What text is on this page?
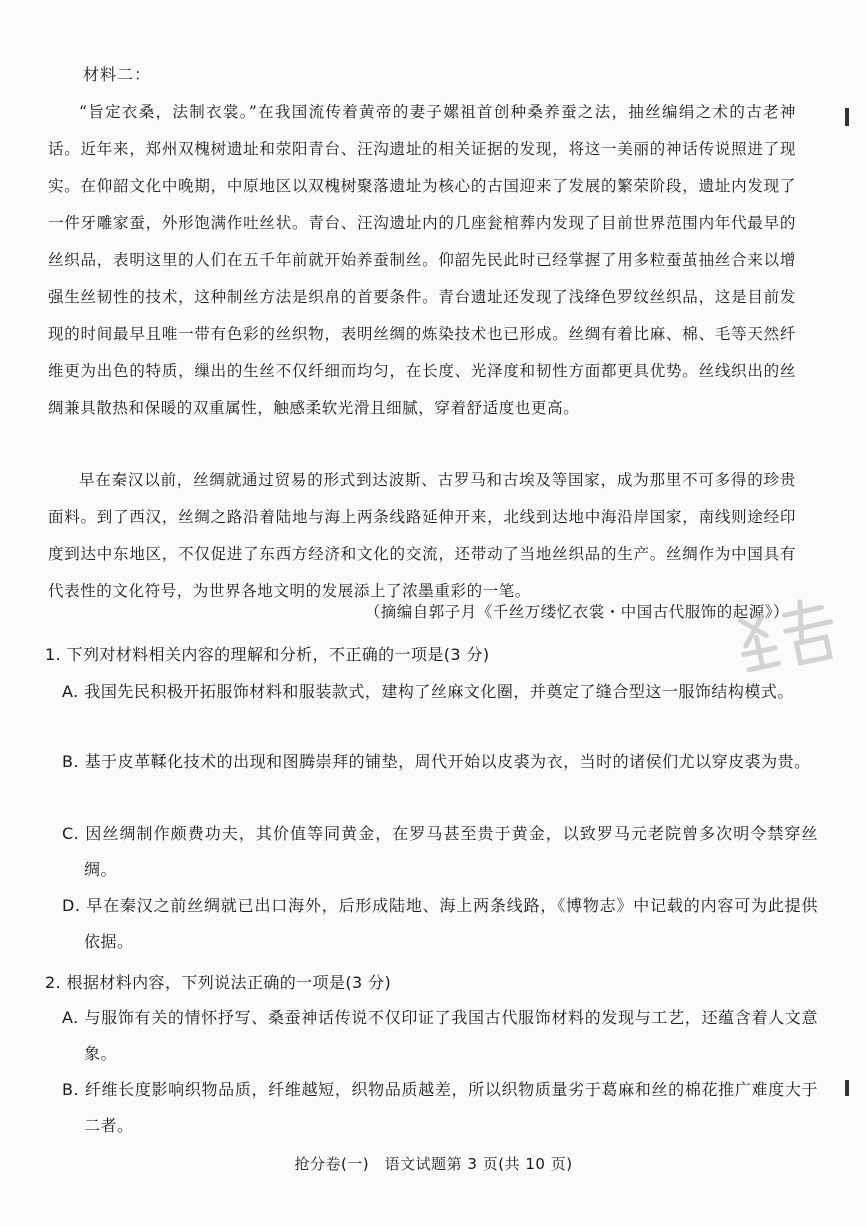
材料二：

“旨定衣桑，法制衣裳。”在我国流传着黄帝的妻子嫘祖首创种桑养蚕之法，抽丝编绢之术的古老神话。近年来，郑州双槐树遗址和荥阳青台、汪沟遗址的相关证据的发现，将这一美丽的神话传说照进了现实。在仰韶文化中晚期，中原地区以双槐树聚落遗址为核心的古国迎来了发展的繁荣阶段，遗址内发现了一件牙雕家蚕，外形饱满作吐丝状。青台、汪沟遗址内的几座瓮棺葬内发现了目前世界范围内年代最早的丝织品，表明这里的人们在五千年前就开始养蚕制丝。仰韶先民此时已经掌握了用多粒蚕茧抽丝合来以增强生丝韧性的技术，这种制丝方法是织帛的首要条件。青台遗址还发现了浅绛色罗纹丝织品，这是目前发现的时间最早且唯一带有色彩的丝织物，表明丝绸的炼染技术也已形成。丝绸有着比麻、棉、毛等天然纤维更为出色的特质，缫出的生丝不仅纤细而均匀，在长度、光泽度和韧性方面都更具优势。丝线织出的丝绸兼具散热和保暖的双重属性，触感柔软光滑且细腻，穿着舒适度也更高。

早在秦汉以前，丝绸就通过贸易的形式到达波斯、古罗马和古埃及等国家，成为那里不可多得的珍贵面料。到了西汉，丝绸之路沿着陆地与海上两条线路延伸开来，北线到达地中海沿岸国家，南线则途经印度到达中东地区，不仅促进了东西方经济和文化的交流，还带动了当地丝织品的生产。丝绸作为中国具有代表性的文化符号，为世界各地文明的发展添上了浓墨重彩的一笔。

（摘编自郭子月《千丝万缕忆衣裳・中国古代服饰的起源》）
1. 下列对材料相关内容的理解和分析，不正确的一项是(3 分)

A. 我国先民积极开拓服饰材料和服装款式，建构了丝麻文化圈，并奠定了缝合型这一服饰结构模式。

B. 基于皮革鞣化技术的出现和图腾崇拜的铺垫，周代开始以皮裘为衣，当时的诸侯们尤以穿皮裘为贵。

C. 因丝绸制作颇费功夫，其价值等同黄金，在罗马甚至贵于黄金，以致罗马元老院曾多次明令禁穿丝绸。

D. 早在秦汉之前丝绸就已出口海外，后形成陆地、海上两条线路，《博物志》中记载的内容可为此提供依据。

2. 根据材料内容，下列说法正确的一项是(3 分)

A. 与服饰有关的情怀抒写、桑蚕神话传说不仅印证了我国古代服饰材料的发现与工艺，还蕴含着人文意象。

B. 纤维长度影响织物品质，纤维越短，织物品质越差，所以织物质量劣于葛麻和丝的棉花推广难度大于二者。

抢分卷(一)　语文试题第 3 页(共 10 页)
